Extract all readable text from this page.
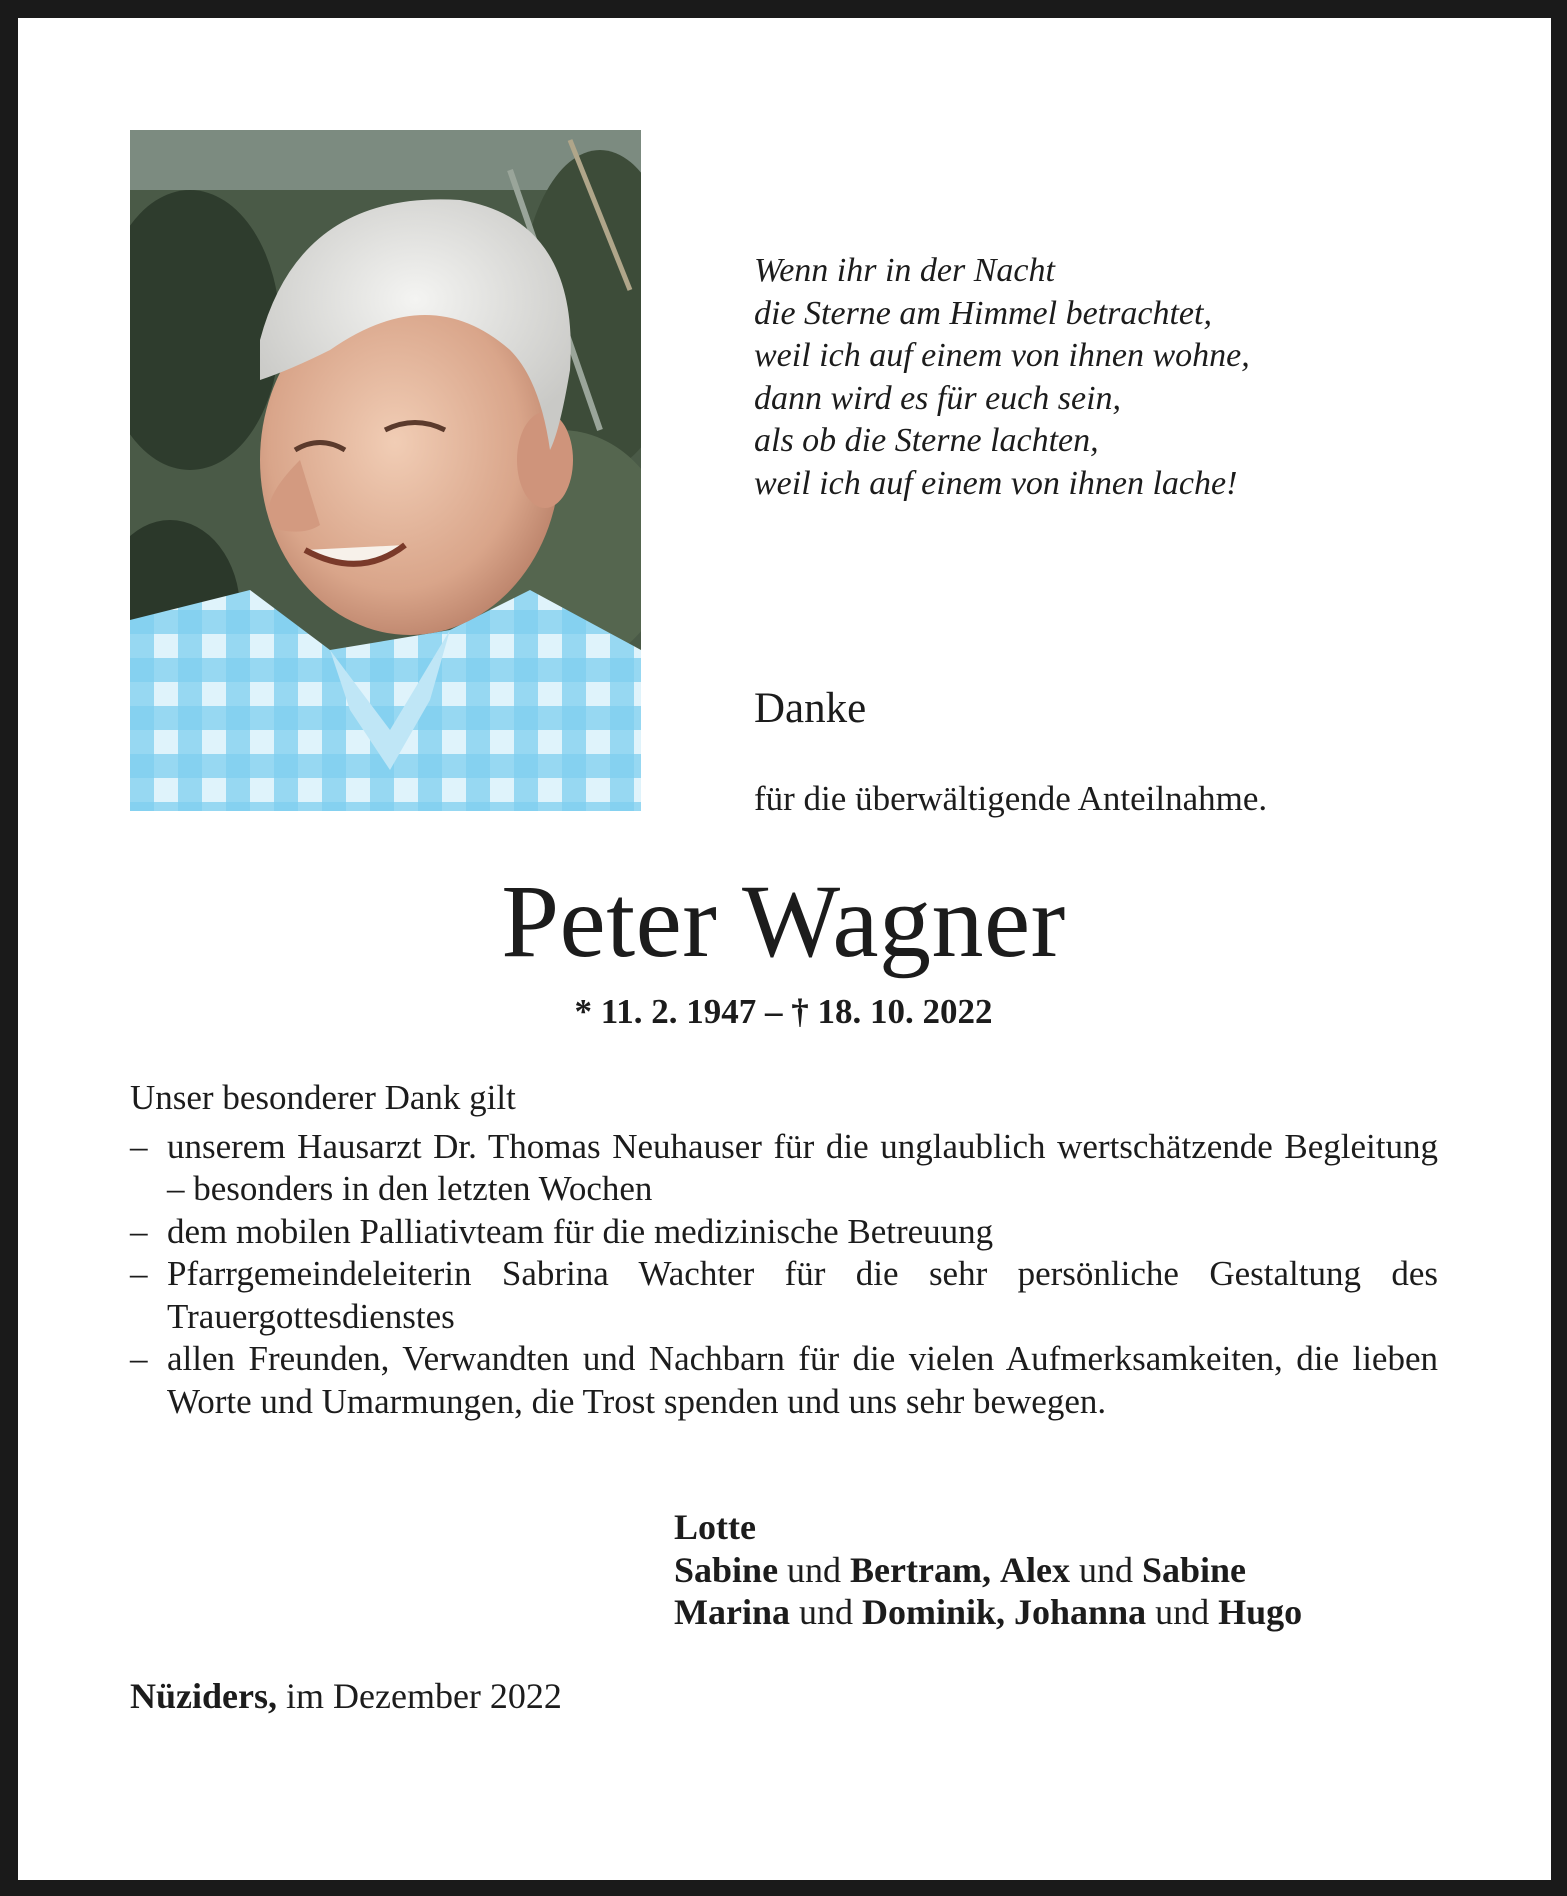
Wenn ihr in der Nacht
die Sterne am Himmel betrachtet,
weil ich auf einem von ihnen wohne,
dann wird es für euch sein,
als ob die Sterne lachten,
weil ich auf einem von ihnen lache!
Danke
für die überwältigende Anteilnahme.
Peter Wagner
* 11. 2. 1947 – † 18. 10. 2022
Unser besonderer Dank gilt
– unserem Hausarzt Dr. Thomas Neuhauser für die unglaublich wertschätzende Begleitung – besonders in den letzten Wochen
– dem mobilen Palliativteam für die medizinische Betreuung
– Pfarrgemeindeleiterin Sabrina Wachter für die sehr persönliche Gestaltung des Trauergottesdienstes
– allen Freunden, Verwandten und Nachbarn für die vielen Aufmerksamkeiten, die lieben Worte und Umarmungen, die Trost spenden und uns sehr bewegen.
Lotte
Sabine und Bertram, Alex und Sabine
Marina und Dominik, Johanna und Hugo
Nüziders, im Dezember 2022
